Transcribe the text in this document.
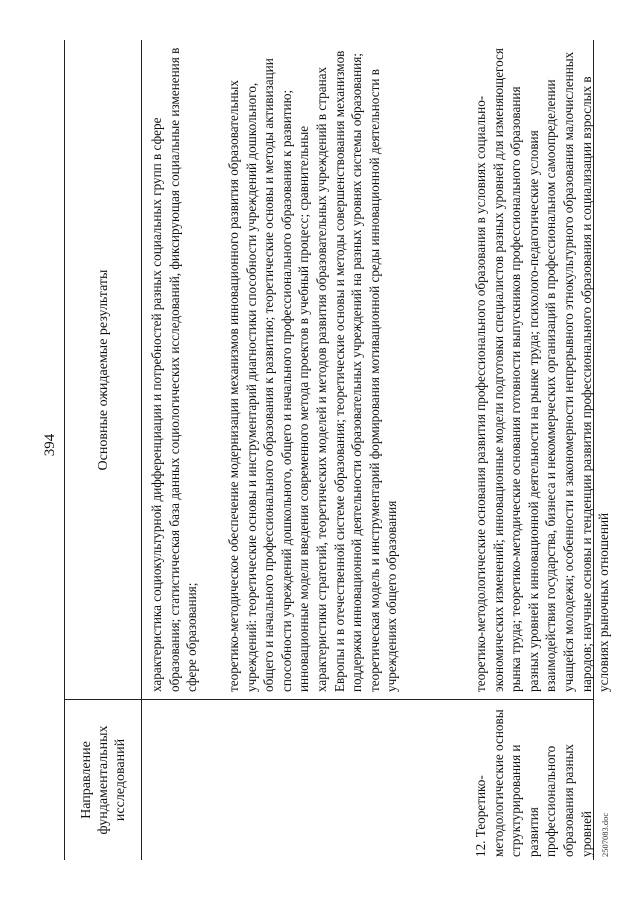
394
Направление фундаментальных исследований
Основные ожидаемые результаты	характеристика социокультурной дифференциации и потребностей разных социальных групп в сфере образования; статистическая база данных социологических исследований, фиксирующая социальные изменения в сфере образования; теоретико-методическое обеспечение модернизации механизмов инновационного развития образовательных учреждений: теоретические основы и инструментарий диагностики способности учреждений дошкольного, общего и начального профессионального образования к развитию; теоретические основы и методы активизации способности учреждений дошкольного, общего и начального профессионального образования к развитию; инновационные модели введения современного метода проектов в учебный процесс; сравнительные характеристики стратегий, теоретических моделей и методов развития образовательных учреждений в странах Европы и в отечественной системе образования; теоретические основы и методы совершенствования механизмов поддержки инновационной деятельности образовательных учреждений на разных уровнях системы образования; теоретическая модель и инструментарий формирования мотивационной среды инновационной деятельности в учреждениях общего образования
12. Теоретико-методологические основы структурирования и развития профессионального образования разных уровней
теоретико-методологические основания развития профессионального образования в условиях социально-экономических изменений; инновационные модели подготовки специалистов разных уровней для изменяющегося рынка труда; теоретико-методические основания готовности выпускников профессионального образования разных уровней к инновационной деятельности на рынке труда; психолого-педагогические условия взаимодействия государства, бизнеса и некоммерческих организаций в профессиональном самоопределении учащейся молодежи; особенности и закономерности непрерывного этнокультурного образования малочисленных народов; научные основы и тенденции развития профессионального образования и социализации взрослых в условиях рыночных отношений
2507083.doc
